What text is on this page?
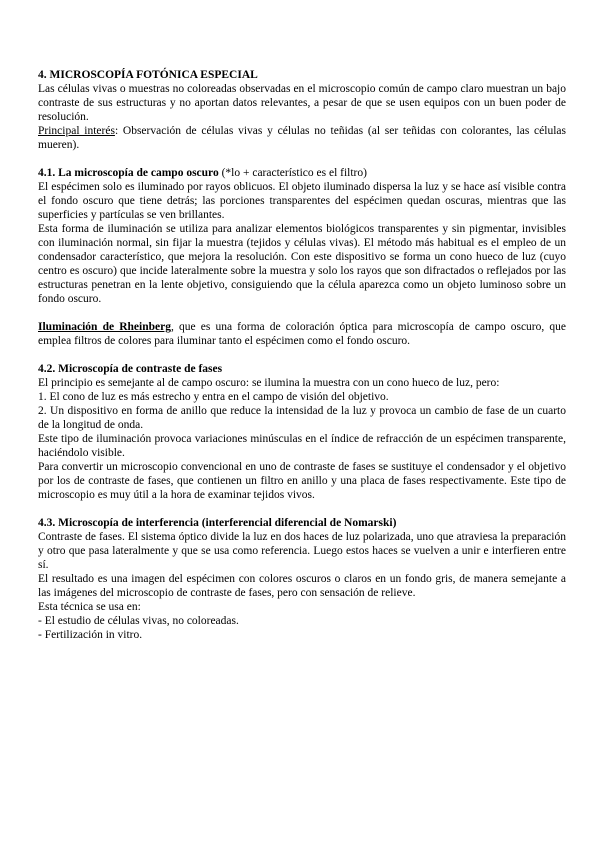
4. MICROSCOPÍA FOTÓNICA ESPECIAL

Las células vivas o muestras no coloreadas observadas en el microscopio común de campo claro muestran un bajo contraste de sus estructuras y no aportan datos relevantes, a pesar de que se usen equipos con un buen poder de resolución.

Principal interés: Observación de células vivas y células no teñidas (al ser teñidas con colorantes, las células mueren).

4.1. La microscopía de campo oscuro (*lo + característico es el filtro)

El espécimen solo es iluminado por rayos oblicuos. El objeto iluminado dispersa la luz y se hace así visible contra el fondo oscuro que tiene detrás; las porciones transparentes del espécimen quedan oscuras, mientras que las superficies y partículas se ven brillantes.

Esta forma de iluminación se utiliza para analizar elementos biológicos transparentes y sin pigmentar, invisibles con iluminación normal, sin fijar la muestra (tejidos y células vivas). El método más habitual es el empleo de un condensador característico, que mejora la resolución. Con este dispositivo se forma un cono hueco de luz (cuyo centro es oscuro) que incide lateralmente sobre la muestra y solo los rayos que son difractados o reflejados por las estructuras penetran en la lente objetivo, consiguiendo que la célula aparezca como un objeto luminoso sobre un fondo oscuro.

Iluminación de Rheinberg, que es una forma de coloración óptica para microscopía de campo oscuro, que emplea filtros de colores para iluminar tanto el espécimen como el fondo oscuro.

4.2. Microscopía de contraste de fases

El principio es semejante al de campo oscuro: se ilumina la muestra con un cono hueco de luz, pero:

1. El cono de luz es más estrecho y entra en el campo de visión del objetivo.

2. Un dispositivo en forma de anillo que reduce la intensidad de la luz y provoca un cambio de fase de un cuarto de la longitud de onda.

Este tipo de iluminación provoca variaciones minúsculas en el índice de refracción de un espécimen transparente, haciéndolo visible.

Para convertir un microscopio convencional en uno de contraste de fases se sustituye el condensador y el objetivo por los de contraste de fases, que contienen un filtro en anillo y una placa de fases respectivamente. Este tipo de microscopio es muy útil a la hora de examinar tejidos vivos.

4.3. Microscopía de interferencia (interferencial diferencial de Nomarski)

Contraste de fases. El sistema óptico divide la luz en dos haces de luz polarizada, uno que atraviesa la preparación y otro que pasa lateralmente y que se usa como referencia. Luego estos haces se vuelven a unir e interfieren entre sí.

El resultado es una imagen del espécimen con colores oscuros o claros en un fondo gris, de manera semejante a las imágenes del microscopio de contraste de fases, pero con sensación de relieve.

Esta técnica se usa en:

- El estudio de células vivas, no coloreadas.

- Fertilización in vitro.
